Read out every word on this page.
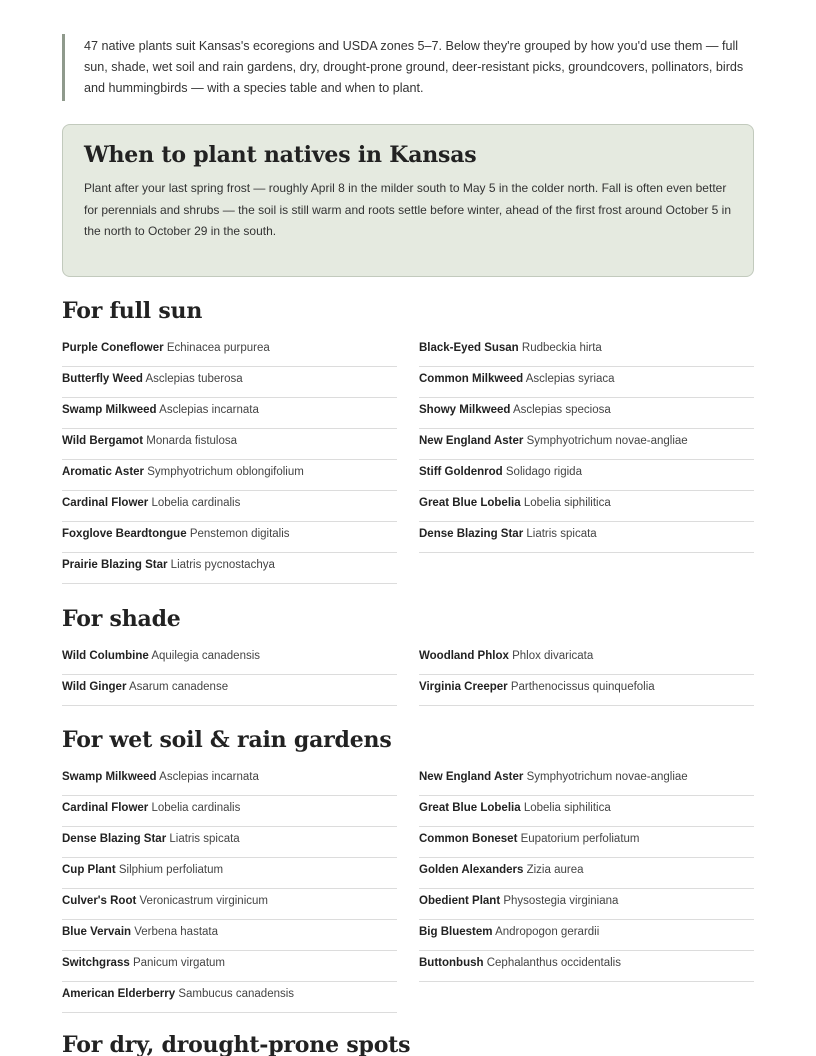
47 native plants suit Kansas's ecoregions and USDA zones 5–7. Below they're grouped by how you'd use them — full sun, shade, wet soil and rain gardens, dry, drought-prone ground, deer-resistant picks, groundcovers, pollinators, birds and hummingbirds — with a species table and when to plant.
When to plant natives in Kansas

Plant after your last spring frost — roughly April 8 in the milder south to May 5 in the colder north. Fall is often even better for perennials and shrubs — the soil is still warm and roots settle before winter, ahead of the first frost around October 5 in the north to October 29 in the south.

For full sun
Purple Coneflower Echinacea purpurea	Black-Eyed Susan Rudbeckia hirta
Butterfly Weed Asclepias tuberosa	Common Milkweed Asclepias syriaca
Swamp Milkweed Asclepias incarnata	Showy Milkweed Asclepias speciosa
Wild Bergamot Monarda fistulosa	New England Aster Symphyotrichum novae-angliae
Aromatic Aster Symphyotrichum oblongifolium	Stiff Goldenrod Solidago rigida
Cardinal Flower Lobelia cardinalis	Great Blue Lobelia Lobelia siphilitica
Foxglove Beardtongue Penstemon digitalis	Dense Blazing Star Liatris spicata
Prairie Blazing Star Liatris pycnostachya
For shade
Wild Columbine Aquilegia canadensis	Woodland Phlox Phlox divaricata
Wild Ginger Asarum canadense	Virginia Creeper Parthenocissus quinquefolia
For wet soil & rain gardens
Swamp Milkweed Asclepias incarnata	New England Aster Symphyotrichum novae-angliae
Cardinal Flower Lobelia cardinalis	Great Blue Lobelia Lobelia siphilitica
Dense Blazing Star Liatris spicata	Common Boneset Eupatorium perfoliatum
Cup Plant Silphium perfoliatum	Golden Alexanders Zizia aurea
Culver's Root Veronicastrum virginicum	Obedient Plant Physostegia virginiana
Blue Vervain Verbena hastata	Big Bluestem Andropogon gerardii
Switchgrass Panicum virgatum	Buttonbush Cephalanthus occidentalis
American Elderberry Sambucus canadensis
For dry, drought-prone spots
